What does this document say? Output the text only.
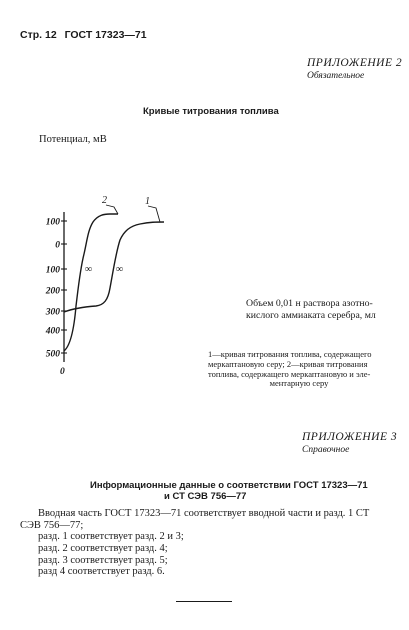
Стр. 12 ГОСТ 17323—71
ПРИЛОЖЕНИЕ 2
Обязательное
Кривые титрования топлива
Потенциал, мВ
100
0
100
200
300
400
500
0
∞ ∞
2	1
Объем 0,01 н раствора азотно-
кислого аммиаката серебра, мл
1—кривая титрования топлива, содержащего
меркаптановую серу; 2—кривая титрования
топлива, содержащего меркаптановую и эле-
ментарную серу
ПРИЛОЖЕНИЕ 3
Справочное
Информационные данные о соответствии ГОСТ 17323—71
и СТ СЭВ 756—77
Вводная часть ГОСТ 17323—71 соответствует вводной части и разд. 1 СТ
СЭВ 756—77;
разд. 1 соответствует разд. 2 и 3;
разд. 2 соответствует разд. 4;
разд. 3 соответствует разд. 5;
разд 4 соответствует разд. 6.
